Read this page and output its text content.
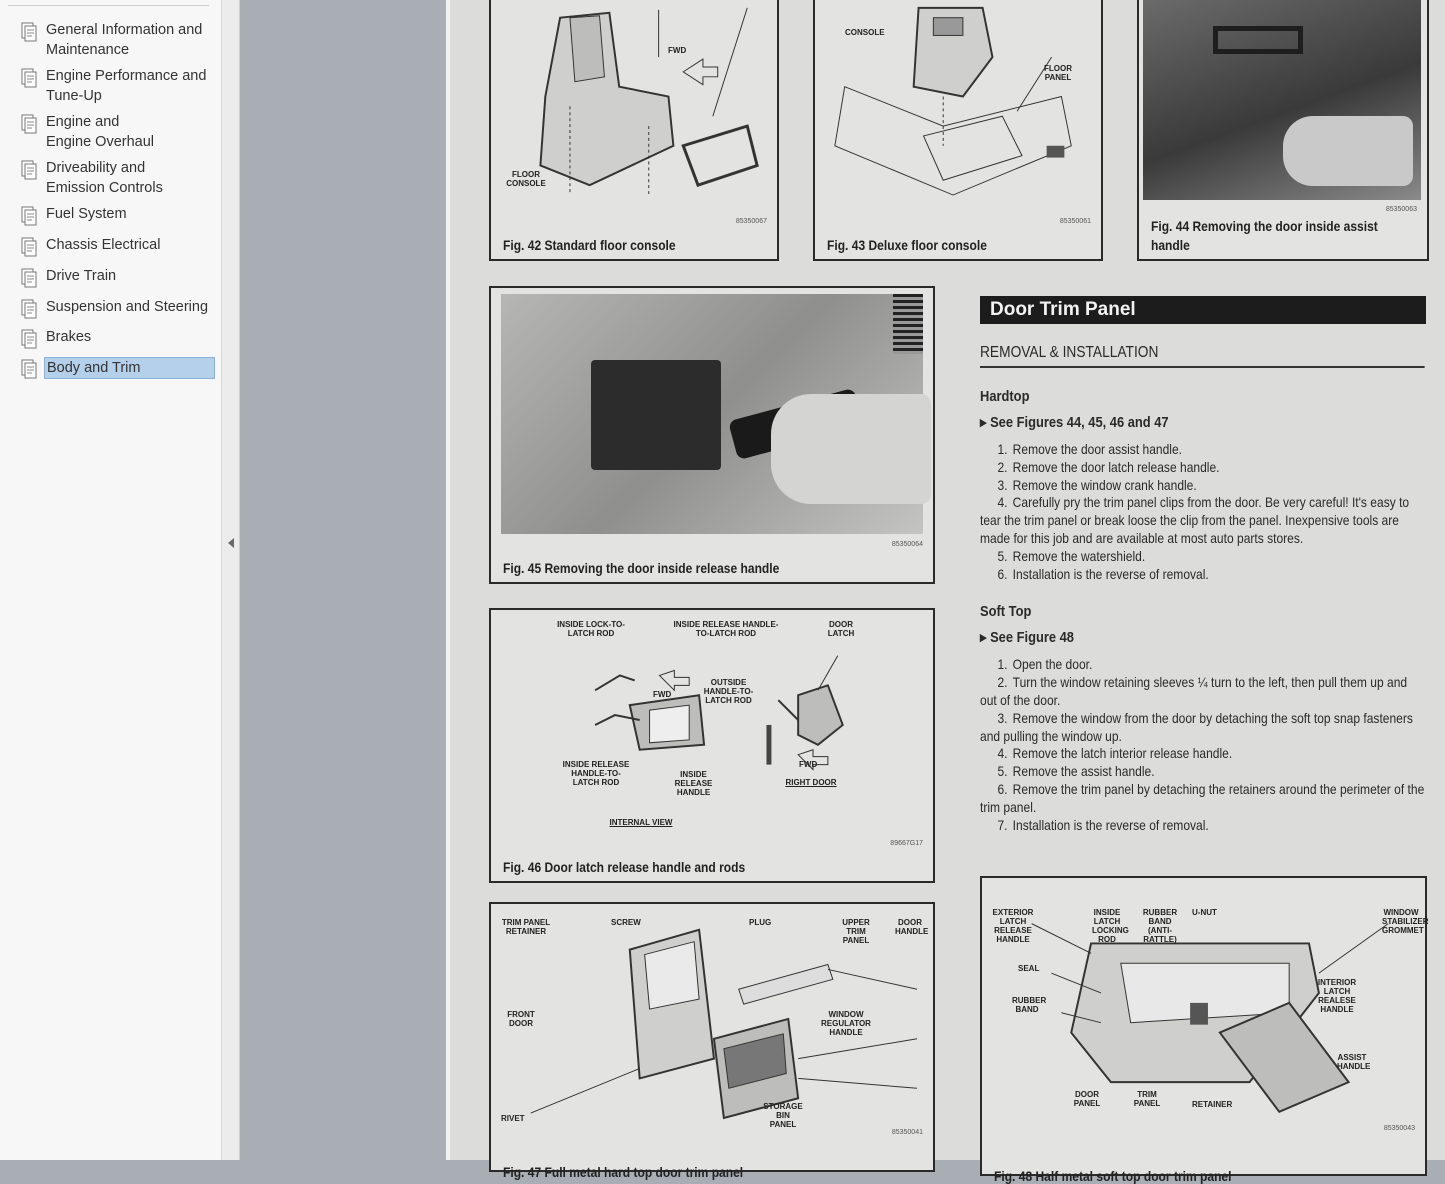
General Information and
Maintenance
Engine Performance and
Tune-Up
Engine and
Engine Overhaul
Driveability and
Emission Controls
Fuel System
Chassis Electrical
Drive Train
Suspension and Steering
Brakes
Body and Trim
FWD
FLOOR CONSOLE
85350067
Fig. 42 Standard floor console
CONSOLE
FLOOR PANEL
85350061
Fig. 43 Deluxe floor console
85350063
Fig. 44 Removing the door inside assist handle
85350064
Fig. 45 Removing the door inside release handle
INSIDE LOCK-TO-LATCH ROD
INSIDE RELEASE HANDLE-TO-LATCH ROD
DOOR LATCH
FWD
OUTSIDE HANDLE-TO-LATCH ROD
INSIDE RELEASE HANDLE-TO-LATCH ROD
INSIDE RELEASE HANDLE
FWD
RIGHT DOOR
INTERNAL VIEW
89667G17
Fig. 46 Door latch release handle and rods
TRIM PANEL RETAINER
SCREW	PLUG	UPPER TRIM PANEL
DOOR HANDLE
FRONT DOOR
WINDOW REGULATOR HANDLE
RIVET
STORAGE BIN PANEL
85350041
Fig. 47 Full metal hard top door trim panel
EXTERIOR LATCH RELEASE HANDLE
INSIDE LATCH LOCKING ROD
RUBBER BAND (ANTI-RATTLE)
U-NUT	WINDOW STABILIZER GROMMET
SEAL
RUBBER BAND
INTERIOR LATCH REALESE HANDLE
ASSIST HANDLE
DOOR PANEL
TRIM PANEL	RETAINER
85350043
Fig. 48 Half metal soft top door trim panel
Door Trim Panel
REMOVAL & INSTALLATION
Hardtop
▸ See Figures 44, 45, 46 and 47
1. Remove the door assist handle.
2. Remove the door latch release handle.
3. Remove the window crank handle.
4. Carefully pry the trim panel clips from the door. Be very careful! It's easy to tear the trim panel or break loose the clip from the panel. Inexpensive tools are made for this job and are available at most auto parts stores.
5. Remove the watershield.
6. Installation is the reverse of removal.
Soft Top
▸ See Figure 48
1. Open the door.
2. Turn the window retaining sleeves ¼ turn to the left, then pull them up and out of the door.
3. Remove the window from the door by detaching the soft top snap fasteners and pulling the window up.
4. Remove the latch interior release handle.
5. Remove the assist handle.
6. Remove the trim panel by detaching the retainers around the perimeter of the trim panel.
7. Installation is the reverse of removal.
